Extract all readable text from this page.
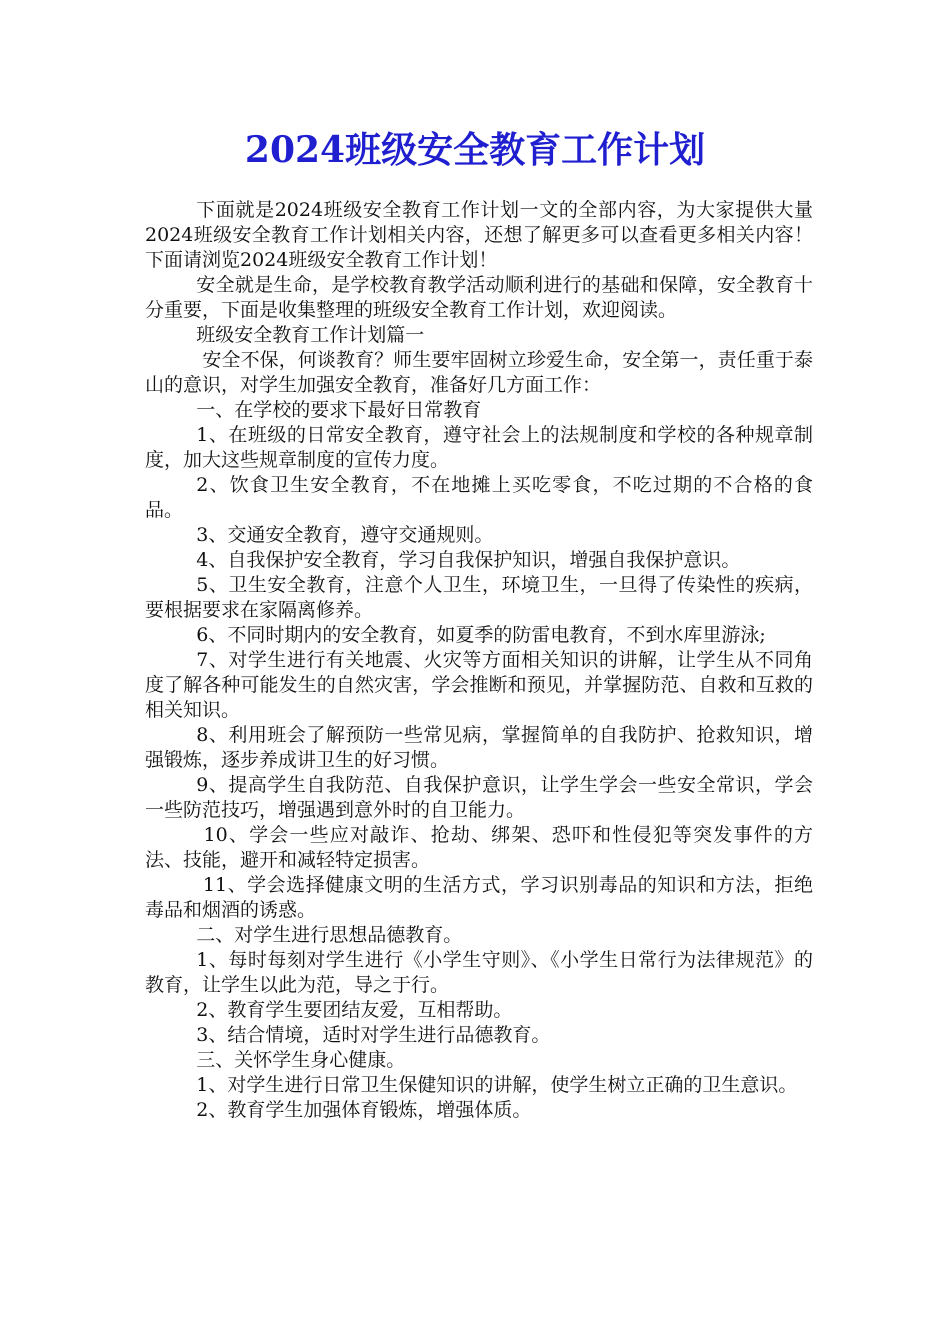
2024班级安全教育工作计划

下面就是2024班级安全教育工作计划一文的全部内容，为大家提供大量2024班级安全教育工作计划相关内容，还想了解更多可以查看更多相关内容！下面请浏览2024班级安全教育工作计划！

安全就是生命，是学校教育教学活动顺利进行的基础和保障，安全教育十分重要，下面是收集整理的班级安全教育工作计划，欢迎阅读。

班级安全教育工作计划篇一

安全不保，何谈教育？师生要牢固树立珍爱生命，安全第一，责任重于泰山的意识，对学生加强安全教育，准备好几方面工作：

一、在学校的要求下最好日常教育

1、在班级的日常安全教育，遵守社会上的法规制度和学校的各种规章制度，加大这些规章制度的宣传力度。

2、饮食卫生安全教育，不在地摊上买吃零食，不吃过期的不合格的食品。

3、交通安全教育，遵守交通规则。

4、自我保护安全教育，学习自我保护知识，增强自我保护意识。

5、卫生安全教育，注意个人卫生，环境卫生，一旦得了传染性的疾病，要根据要求在家隔离修养。

6、不同时期内的安全教育，如夏季的防雷电教育，不到水库里游泳;

7、对学生进行有关地震、火灾等方面相关知识的讲解，让学生从不同角度了解各种可能发生的自然灾害，学会推断和预见，并掌握防范、自救和互救的相关知识。

8、利用班会了解预防一些常见病，掌握简单的自我防护、抢救知识，增强锻炼，逐步养成讲卫生的好习惯。

9、提高学生自我防范、自我保护意识，让学生学会一些安全常识，学会一些防范技巧，增强遇到意外时的自卫能力。

10、学会一些应对敲诈、抢劫、绑架、恐吓和性侵犯等突发事件的方法、技能，避开和减轻特定损害。

11、学会选择健康文明的生活方式，学习识别毒品的知识和方法，拒绝毒品和烟酒的诱惑。

二、对学生进行思想品德教育。

1、每时每刻对学生进行《小学生守则》、《小学生日常行为法律规范》的教育，让学生以此为范，导之于行。

2、教育学生要团结友爱，互相帮助。

3、结合情境，适时对学生进行品德教育。

三、关怀学生身心健康。

1、对学生进行日常卫生保健知识的讲解，使学生树立正确的卫生意识。

2、教育学生加强体育锻炼，增强体质。
